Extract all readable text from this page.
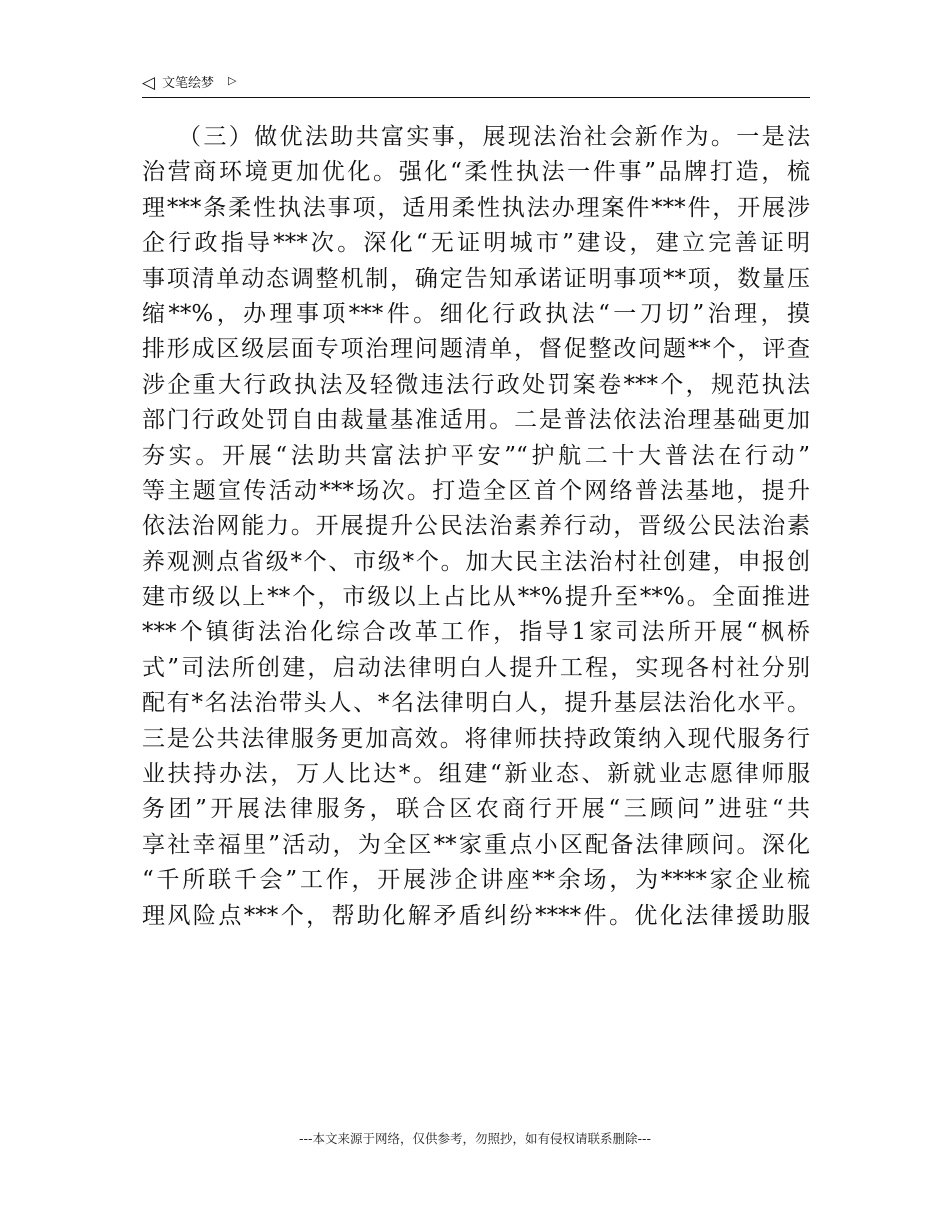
◁ 文笔绘梦 ▷
（三）做优法助共富实事，展现法治社会新作为。一是法
治营商环境更加优化。强化“柔性执法一件事”品牌打造，梳
理***条柔性执法事项，适用柔性执法办理案件***件，开展涉
企行政指导***次。深化“无证明城市”建设，建立完善证明
事项清单动态调整机制，确定告知承诺证明事项**项，数量压
缩**%，办理事项***件。细化行政执法“一刀切”治理，摸
排形成区级层面专项治理问题清单，督促整改问题**个，评查
涉企重大行政执法及轻微违法行政处罚案卷***个，规范执法
部门行政处罚自由裁量基准适用。二是普法依法治理基础更加
夯实。开展“法助共富法护平安”“护航二十大普法在行动”
等主题宣传活动***场次。打造全区首个网络普法基地，提升
依法治网能力。开展提升公民法治素养行动，晋级公民法治素
养观测点省级*个、市级*个。加大民主法治村社创建，申报创
建市级以上**个，市级以上占比从**%提升至**%。全面推进
***个镇街法治化综合改革工作，指导1家司法所开展“枫桥
式”司法所创建，启动法律明白人提升工程，实现各村社分别
配有*名法治带头人、*名法律明白人，提升基层法治化水平。
三是公共法律服务更加高效。将律师扶持政策纳入现代服务行
业扶持办法，万人比达*。组建“新业态、新就业志愿律师服
务团”开展法律服务，联合区农商行开展“三顾问”进驻“共
享社幸福里”活动，为全区**家重点小区配备法律顾问。深化
“千所联千会”工作，开展涉企讲座**余场，为****家企业梳
理风险点***个，帮助化解矛盾纠纷****件。优化法律援助服
---本文来源于网络，仅供参考，勿照抄，如有侵权请联系删除---
